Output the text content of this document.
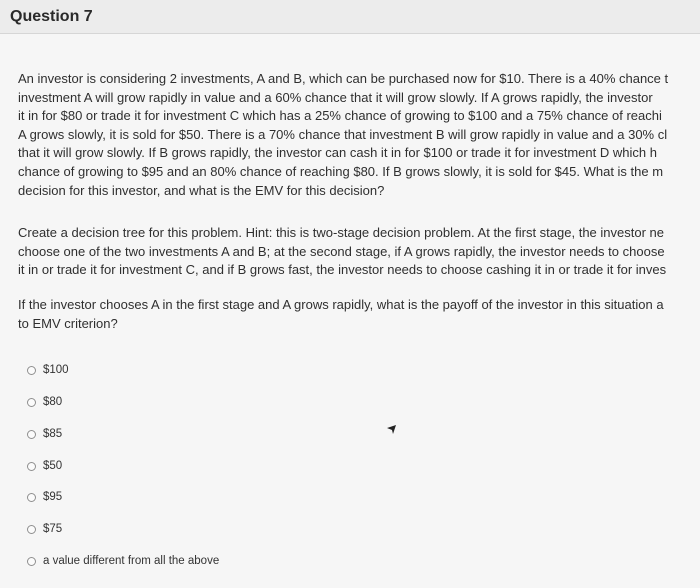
Question 7
An investor is considering 2 investments, A and B, which can be purchased now for $10. There is a 40% chance t
investment A will grow rapidly in value and a 60% chance that it will grow slowly. If A grows rapidly, the investor
it in for $80 or trade it for investment C which has a 25% chance of growing to $100 and a 75% chance of reachi
A grows slowly, it is sold for $50. There is a 70% chance that investment B will grow rapidly in value and a 30% cl
that it will grow slowly. If B grows rapidly, the investor can cash it in for $100 or trade it for investment D which h
chance of growing to $95 and an 80% chance of reaching $80. If B grows slowly, it is sold for $45. What is the m
decision for this investor, and what is the EMV for this decision?
Create a decision tree for this problem. Hint: this is two-stage decision problem. At the first stage, the investor ne
choose one of the two investments A and B; at the second stage, if A grows rapidly, the investor needs to choose
it in or trade it for investment C, and if B grows fast, the investor needs to choose cashing it in or trade it for inves
If the investor chooses A in the first stage and A grows rapidly, what is the payoff of the investor in this situation a
to EMV criterion?
$100
$80
$85
$50
$95
$75
a value different from all the above
